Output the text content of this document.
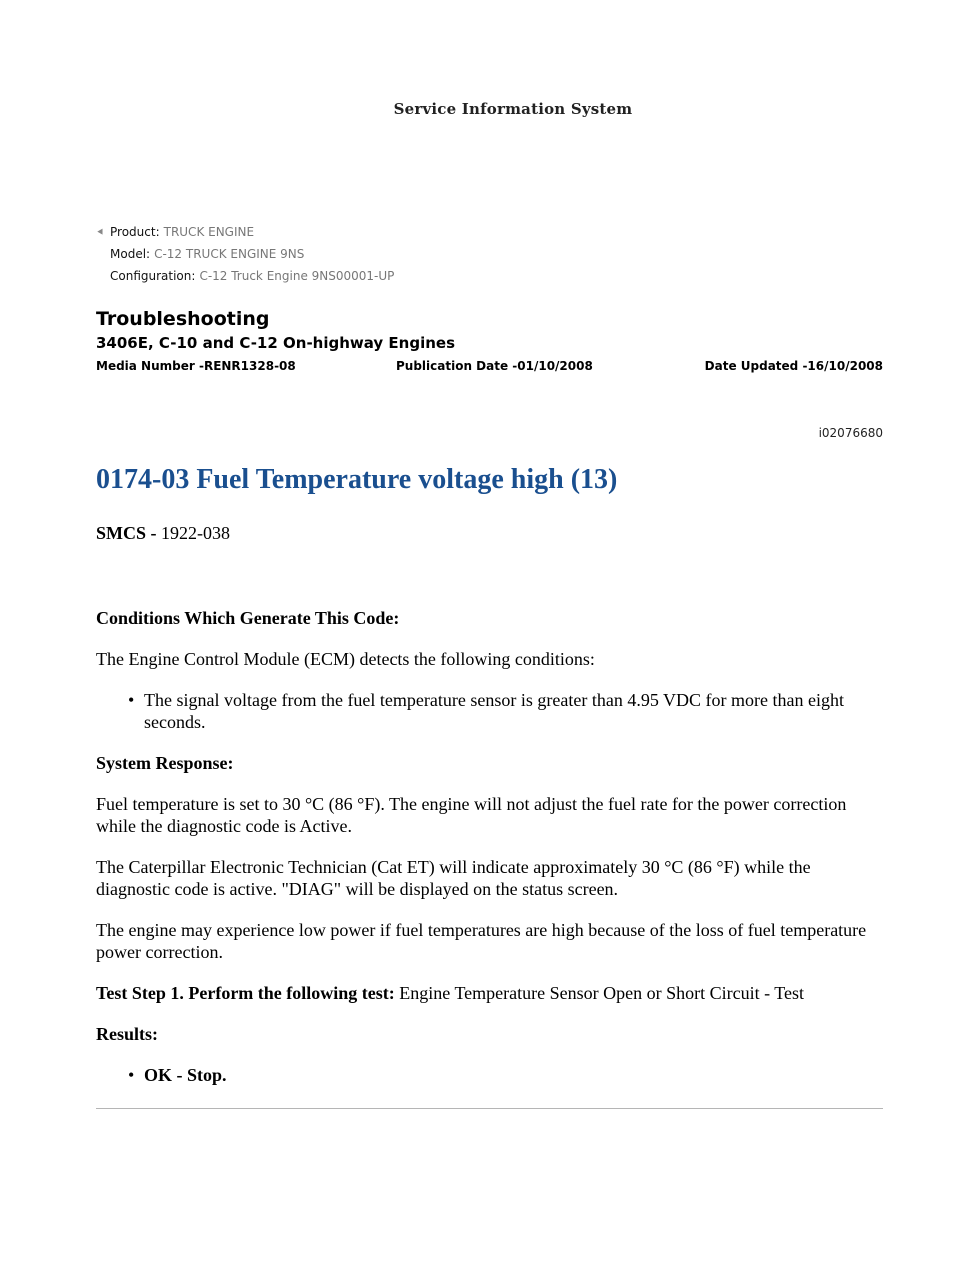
Service Information System
⯇ Product: TRUCK ENGINE
Model: C-12 TRUCK ENGINE 9NS
Configuration: C-12 Truck Engine 9NS00001-UP
Troubleshooting
3406E, C-10 and C-12 On-highway Engines
Media Number -RENR1328-08	Publication Date -01/10/2008	Date Updated -16/10/2008
i02076680
0174-03 Fuel Temperature voltage high (13)

SMCS - 1922-038

Conditions Which Generate This Code:

The Engine Control Module (ECM) detects the following conditions:

• The signal voltage from the fuel temperature sensor is greater than 4.95 VDC for more than eight seconds.

System Response:

Fuel temperature is set to 30 °C (86 °F). The engine will not adjust the fuel rate for the power correction while the diagnostic code is Active.

The Caterpillar Electronic Technician (Cat ET) will indicate approximately 30 °C (86 °F) while the diagnostic code is active. "DIAG" will be displayed on the status screen.

The engine may experience low power if fuel temperatures are high because of the loss of fuel temperature power correction.

Test Step 1. Perform the following test: Engine Temperature Sensor Open or Short Circuit - Test

Results:

• OK - Stop.
